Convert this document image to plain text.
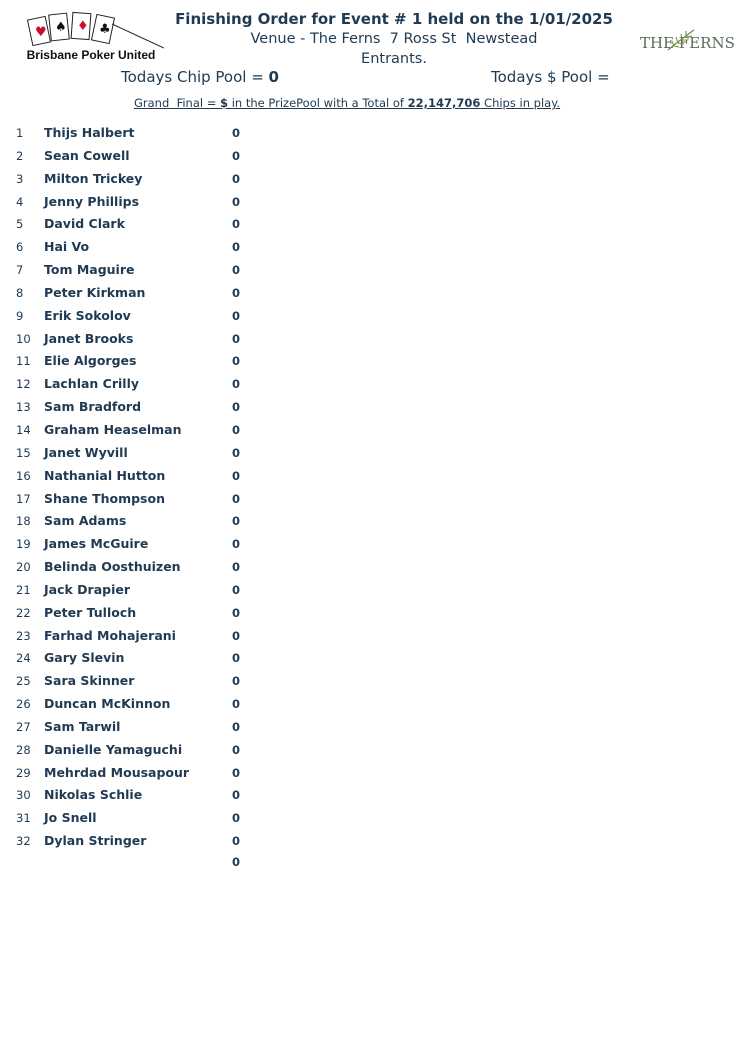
♥ ♠ ♦ ♣
Brisbane Poker United
Finishing Order for Event # 1 held on the 1/01/2025
Venue - The Ferns  7 Ross St  Newstead
Entrants.
THE FERNS
Todays Chip Pool = 0	Todays $ Pool =
Grand  Final = $ in the PrizePool with a Total of 22,147,706 Chips in play.
1 Thijs Halbert	0
2 Sean Cowell	0
3 Milton Trickey	0
4 Jenny Phillips	0
5 David Clark	0
6 Hai Vo	0
7 Tom Maguire	0
8 Peter Kirkman	0
9 Erik Sokolov	0
10 Janet Brooks	0
11 Elie Algorges	0
12 Lachlan Crilly	0
13 Sam Bradford	0
14 Graham Heaselman	0
15 Janet Wyvill	0
16 Nathanial Hutton	0
17 Shane Thompson	0
18 Sam Adams	0
19 James McGuire	0
20 Belinda Oosthuizen	0
21 Jack Drapier	0
22 Peter Tulloch	0
23 Farhad Mohajerani	0
24 Gary Slevin	0
25 Sara Skinner	0
26 Duncan McKinnon	0
27 Sam Tarwil	0
28 Danielle Yamaguchi	0
29 Mehrdad Mousapour	0
30 Nikolas Schlie	0
31 Jo Snell	0
32 Dylan Stringer	0
0
